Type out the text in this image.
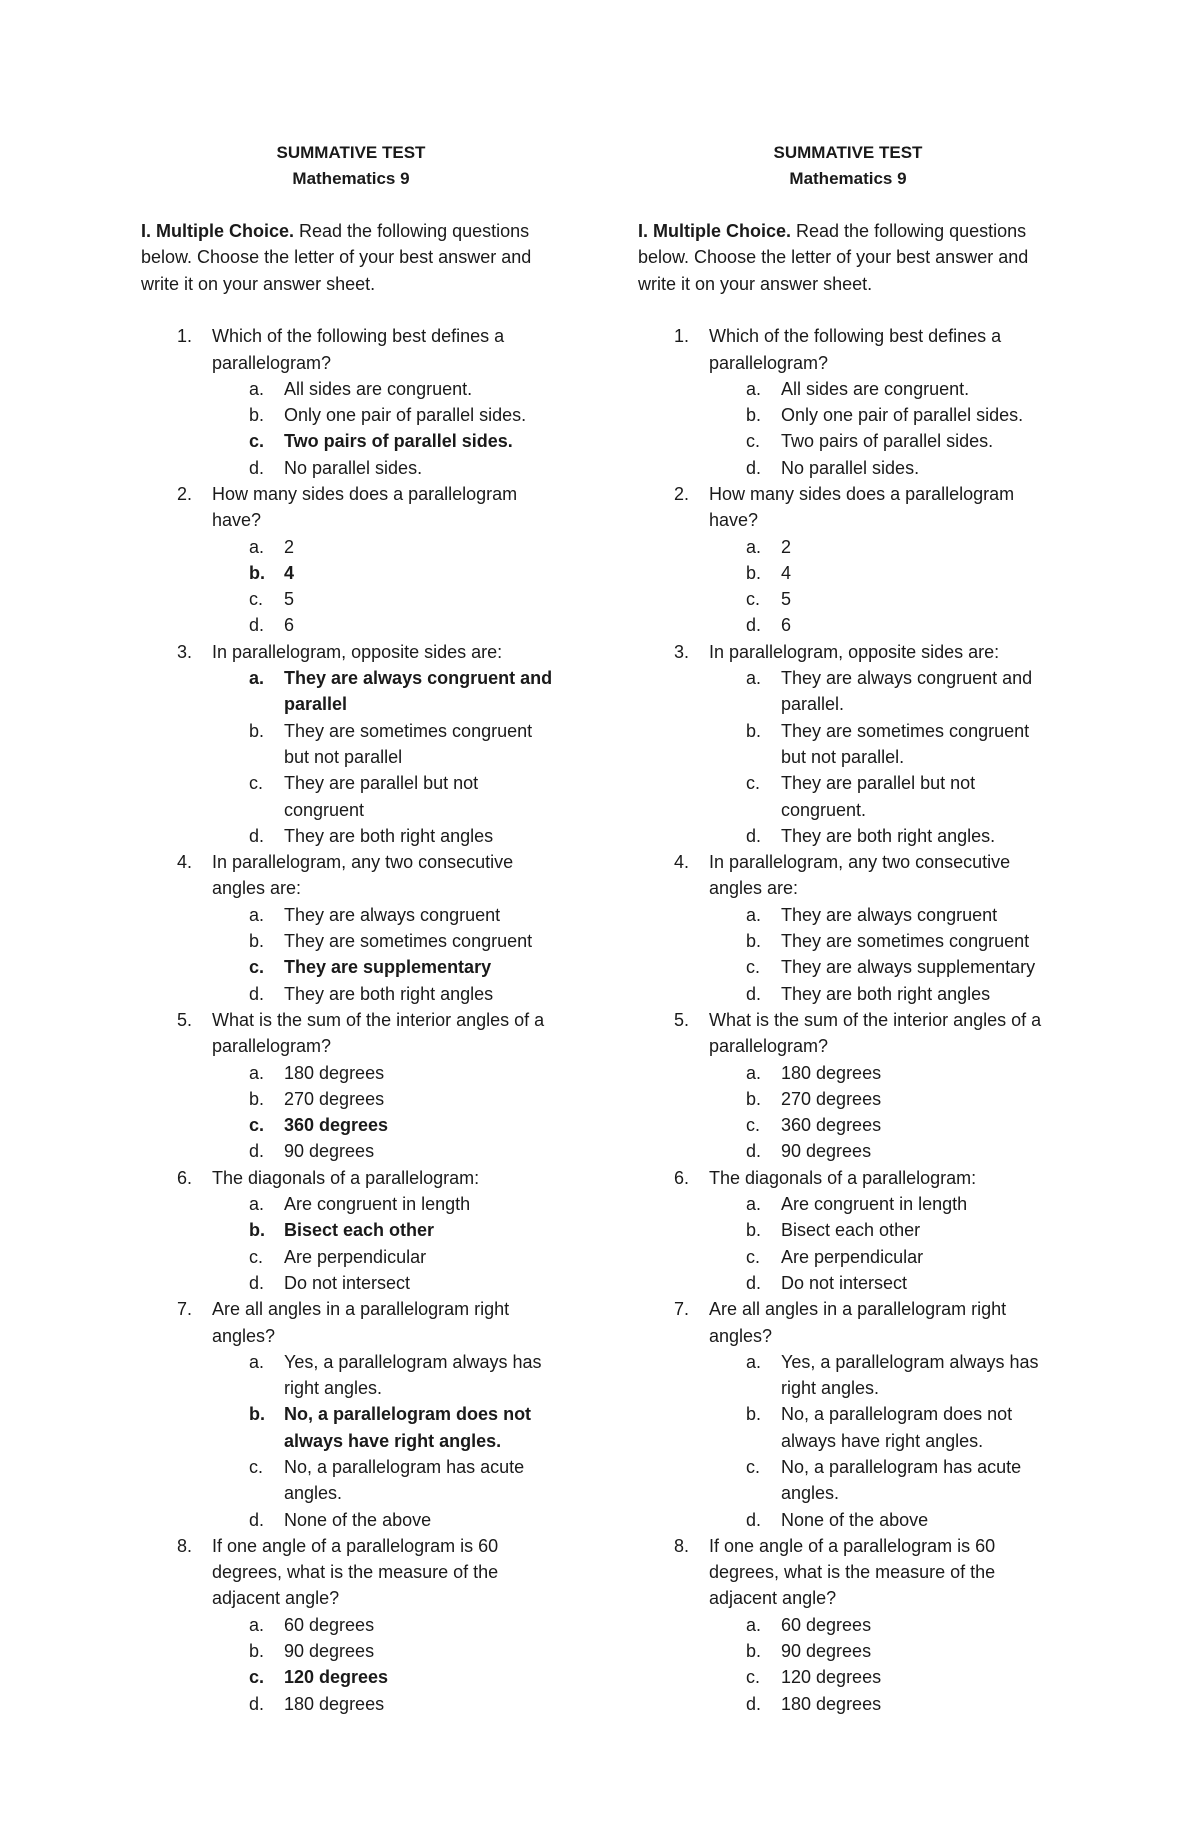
SUMMATIVE TEST
Mathematics 9
I. Multiple Choice. Read the following questions below. Choose the letter of your best answer and write it on your answer sheet.
1. Which of the following best defines a parallelogram?
a. All sides are congruent.
b. Only one pair of parallel sides.
c. Two pairs of parallel sides.
d. No parallel sides.
2. How many sides does a parallelogram have?
a. 2
b. 4
c. 5
d. 6
3. In parallelogram, opposite sides are:
a. They are always congruent and parallel
b. They are sometimes congruent but not parallel
c. They are parallel but not congruent
d. They are both right angles
4. In parallelogram, any two consecutive angles are:
a. They are always congruent
b. They are sometimes congruent
c. They are supplementary
d. They are both right angles
5. What is the sum of the interior angles of a parallelogram?
a. 180 degrees
b. 270 degrees
c. 360 degrees
d. 90 degrees
6. The diagonals of a parallelogram:
a. Are congruent in length
b. Bisect each other
c. Are perpendicular
d. Do not intersect
7. Are all angles in a parallelogram right angles?
a. Yes, a parallelogram always has right angles.
b. No, a parallelogram does not always have right angles.
c. No, a parallelogram has acute angles.
d. None of the above
8. If one angle of a parallelogram is 60 degrees, what is the measure of the adjacent angle?
a. 60 degrees
b. 90 degrees
c. 120 degrees
d. 180 degrees
SUMMATIVE TEST
Mathematics 9
I. Multiple Choice. Read the following questions below. Choose the letter of your best answer and write it on your answer sheet.
1. Which of the following best defines a parallelogram?
a. All sides are congruent.
b. Only one pair of parallel sides.
c. Two pairs of parallel sides.
d. No parallel sides.
2. How many sides does a parallelogram have?
a. 2
b. 4
c. 5
d. 6
3. In parallelogram, opposite sides are:
a. They are always congruent and parallel.
b. They are sometimes congruent but not parallel.
c. They are parallel but not congruent.
d. They are both right angles.
4. In parallelogram, any two consecutive angles are:
a. They are always congruent
b. They are sometimes congruent
c. They are always supplementary
d. They are both right angles
5. What is the sum of the interior angles of a parallelogram?
a. 180 degrees
b. 270 degrees
c. 360 degrees
d. 90 degrees
6. The diagonals of a parallelogram:
a. Are congruent in length
b. Bisect each other
c. Are perpendicular
d. Do not intersect
7. Are all angles in a parallelogram right angles?
a. Yes, a parallelogram always has right angles.
b. No, a parallelogram does not always have right angles.
c. No, a parallelogram has acute angles.
d. None of the above
8. If one angle of a parallelogram is 60 degrees, what is the measure of the adjacent angle?
a. 60 degrees
b. 90 degrees
c. 120 degrees
d. 180 degrees
